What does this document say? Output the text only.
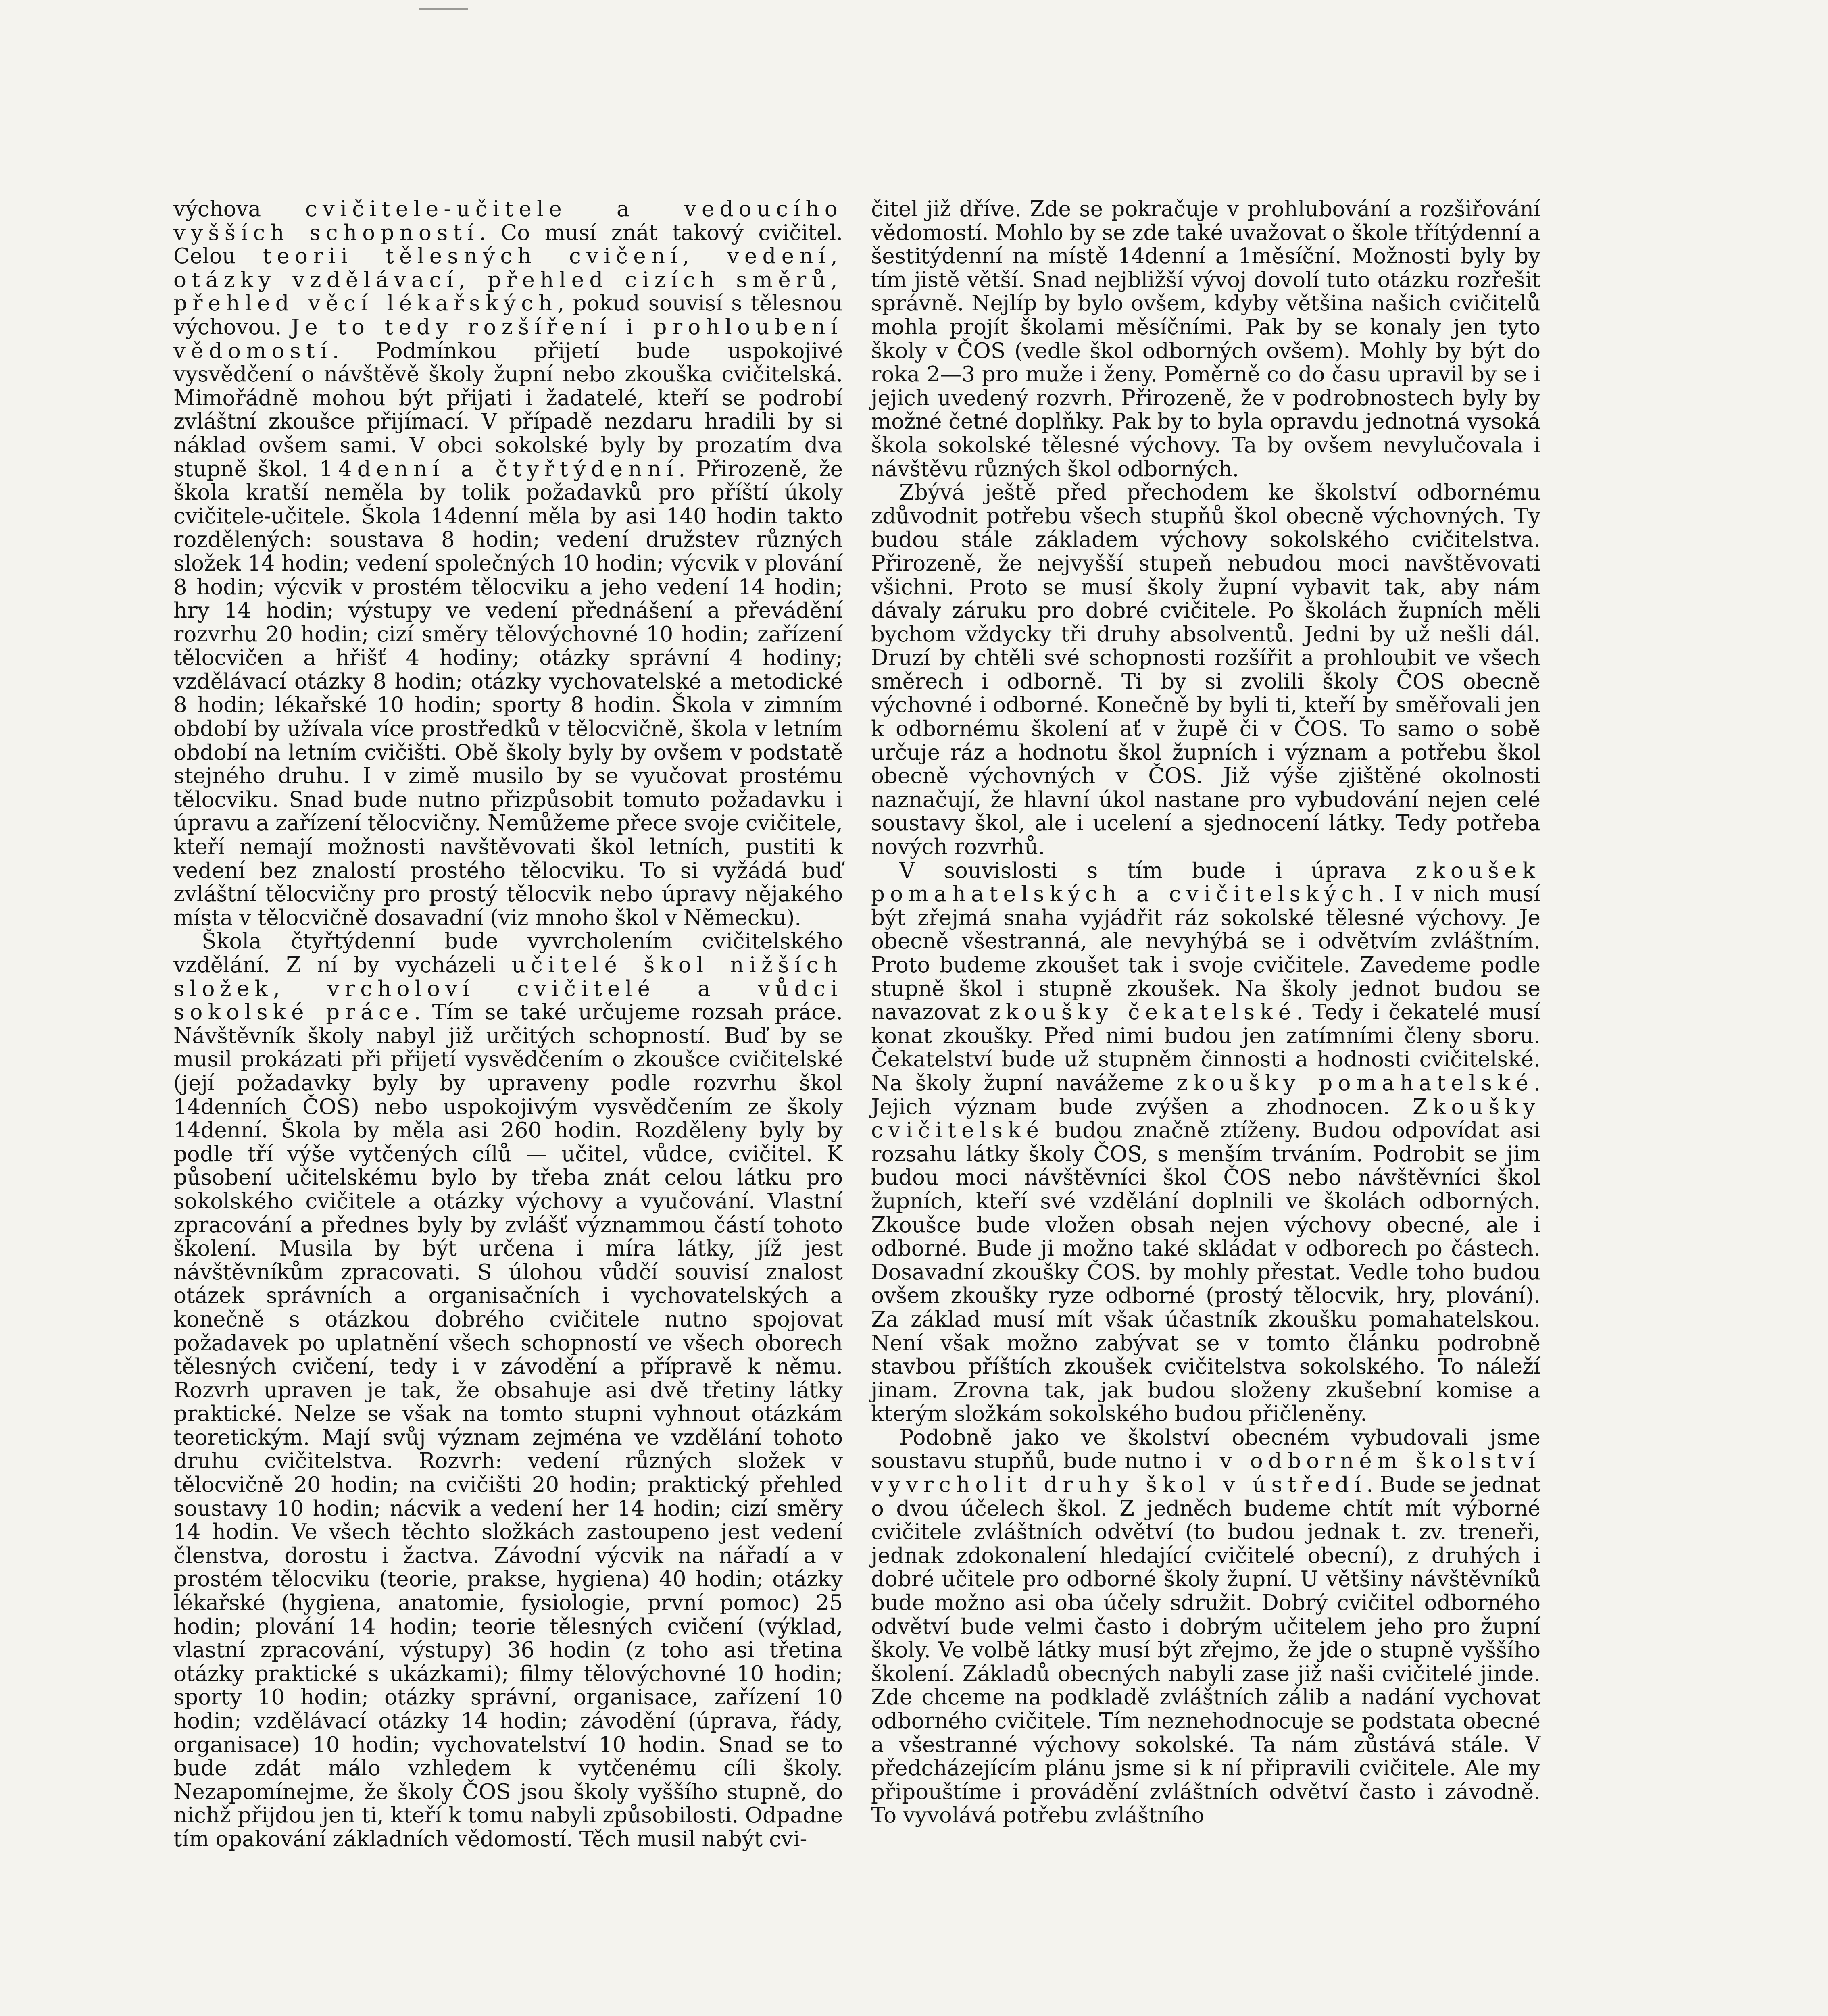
výchova cvičitele-učitele a vedoucího vyšších schopností. Co musí znát takový cvičitel. Celou teorii tělesných cvičení, vedení, otázky vzdělávací, přehled cizích směrů, přehled věcí lékařských, pokud souvisí s tělesnou výchovou. Je to tedy rozšíření i prohloubení vědomostí. Podmínkou přijetí bude uspokojivé vysvědčení o návštěvě školy župní nebo zkouška cvičitelská. Mimořádně mohou být přijati i žadatelé, kteří se podrobí zvláštní zkoušce přijímací. V případě nezdaru hradili by si náklad ovšem sami. V obci sokolské byly by prozatím dva stupně škol. 14denní a čtyřtýdenní. Přirozeně, že škola kratší neměla by tolik požadavků pro příští úkoly cvičitele-učitele. Škola 14denní měla by asi 140 hodin takto rozdělených: soustava 8 hodin; vedení družstev různých složek 14 hodin; vedení společných 10 hodin; výcvik v plování 8 hodin; výcvik v prostém tělocviku a jeho vedení 14 hodin; hry 14 hodin; výstupy ve vedení přednášení a převádění rozvrhu 20 hodin; cizí směry tělovýchovné 10 hodin; zařízení tělocvičen a hřišť 4 hodiny; otázky správní 4 hodiny; vzdělávací otázky 8 hodin; otázky vychovatelské a metodické 8 hodin; lékařské 10 hodin; sporty 8 hodin. Škola v zimním období by užívala více prostředků v tělocvičně, škola v letním období na letním cvičišti. Obě školy byly by ovšem v podstatě stejného druhu. I v zimě musilo by se vyučovat prostému tělocviku. Snad bude nutno přizpůsobit tomuto požadavku i úpravu a zařízení tělocvičny. Nemůžeme přece svoje cvičitele, kteří nemají možnosti navštěvovati škol letních, pustiti k vedení bez znalostí prostého tělocviku. To si vyžádá buď zvláštní tělocvičny pro prostý tělocvik nebo úpravy nějakého místa v tělocvičně dosavadní (viz mnoho škol v Německu).

Škola čtyřtýdenní bude vyvrcholením cvičitelského vzdělání. Z ní by vycházeli učitelé škol nižších složek, vrcholoví cvičitelé a vůdci sokolské práce. Tím se také určujeme rozsah práce. Návštěvník školy nabyl již určitých schopností. Buď by se musil prokázati při přijetí vysvědčením o zkoušce cvičitelské (její požadavky byly by upraveny podle rozvrhu škol 14denních ČOS) nebo uspokojivým vysvědčením ze školy 14denní. Škola by měla asi 260 hodin. Rozděleny byly by podle tří výše vytčených cílů — učitel, vůdce, cvičitel. K působení učitelskému bylo by třeba znát celou látku pro sokolského cvičitele a otázky výchovy a vyučování. Vlastní zpracování a přednes byly by zvlášť význammou částí tohoto školení. Musila by být určena i míra látky, jíž jest návštěvníkům zpracovati. S úlohou vůdčí souvisí znalost otázek správních a organisačních i vychovatelských a konečně s otázkou dobrého cvičitele nutno spojovat požadavek po uplatnění všech schopností ve všech oborech tělesných cvičení, tedy i v závodění a přípravě k němu. Rozvrh upraven je tak, že obsahuje asi dvě třetiny látky praktické. Nelze se však na tomto stupni vyhnout otázkám teoretickým. Mají svůj význam zejména ve vzdělání tohoto druhu cvičitelstva. Rozvrh: vedení různých složek v tělocvičně 20 hodin; na cvičišti 20 hodin; praktický přehled soustavy 10 hodin; nácvik a vedení her 14 hodin; cizí směry 14 hodin. Ve všech těchto složkách zastoupeno jest vedení členstva, dorostu i žactva. Závodní výcvik na nářadí a v prostém tělocviku (teorie, prakse, hygiena) 40 hodin; otázky lékařské (hygiena, anatomie, fysiologie, první pomoc) 25 hodin; plování 14 hodin; teorie tělesných cvičení (výklad, vlastní zpracování, výstupy) 36 hodin (z toho asi třetina otázky praktické s ukázkami); filmy tělovýchovné 10 hodin; sporty 10 hodin; otázky správní, organisace, zařízení 10 hodin; vzdělávací otázky 14 hodin; závodění (úprava, řády, organisace) 10 hodin; vychovatelství 10 hodin. Snad se to bude zdát málo vzhledem k vytčenému cíli školy. Nezapomínejme, že školy ČOS jsou školy vyššího stupně, do nichž přijdou jen ti, kteří k tomu nabyli způsobilosti. Odpadne tím opakování základních vědomostí. Těch musil nabýt cvi-

čitel již dříve. Zde se pokračuje v prohlubování a rozšiřování vědomostí. Mohlo by se zde také uvažovat o škole třítýdenní a šestitýdenní na místě 14denní a 1měsíční. Možnosti byly by tím jistě větší. Snad nejbližší vývoj dovolí tuto otázku rozřešit správně. Nejlíp by bylo ovšem, kdyby většina našich cvičitelů mohla projít školami měsíčními. Pak by se konaly jen tyto školy v ČOS (vedle škol odborných ovšem). Mohly by být do roka 2—3 pro muže i ženy. Poměrně co do času upravil by se i jejich uvedený rozvrh. Přirozeně, že v podrobnostech byly by možné četné doplňky. Pak by to byla opravdu jednotná vysoká škola sokolské tělesné výchovy. Ta by ovšem nevylučovala i návštěvu různých škol odborných.

Zbývá ještě před přechodem ke školství odbornému zdůvodnit potřebu všech stupňů škol obecně výchovných. Ty budou stále základem výchovy sokolského cvičitelstva. Přirozeně, že nejvyšší stupeň nebudou moci navštěvovati všichni. Proto se musí školy župní vybavit tak, aby nám dávaly záruku pro dobré cvičitele. Po školách župních měli bychom vždycky tři druhy absolventů. Jedni by už nešli dál. Druzí by chtěli své schopnosti rozšířit a prohloubit ve všech směrech i odborně. Ti by si zvolili školy ČOS obecně výchovné i odborné. Konečně by byli ti, kteří by směřovali jen k odbornému školení ať v župě či v ČOS. To samo o sobě určuje ráz a hodnotu škol župních i význam a potřebu škol obecně výchovných v ČOS. Již výše zjištěné okolnosti naznačují, že hlavní úkol nastane pro vybudování nejen celé soustavy škol, ale i ucelení a sjednocení látky. Tedy potřeba nových rozvrhů.

V souvislosti s tím bude i úprava zkoušek pomahatelských a cvičitelských. I v nich musí být zřejmá snaha vyjádřit ráz sokolské tělesné výchovy. Je obecně všestranná, ale nevyhýbá se i odvětvím zvláštním. Proto budeme zkoušet tak i svoje cvičitele. Zavedeme podle stupně škol i stupně zkoušek. Na školy jednot budou se navazovat zkoušky čekatelské. Tedy i čekatelé musí konat zkoušky. Před nimi budou jen zatímními členy sboru. Čekatelství bude už stupněm činnosti a hodnosti cvičitelské. Na školy župní navážeme zkoušky pomahatelské. Jejich význam bude zvýšen a zhodnocen. Zkoušky cvičitelské budou značně ztíženy. Budou odpovídat asi rozsahu látky školy ČOS, s menším trváním. Podrobit se jim budou moci návštěvníci škol ČOS nebo návštěvníci škol župních, kteří své vzdělání doplnili ve školách odborných. Zkoušce bude vložen obsah nejen výchovy obecné, ale i odborné. Bude ji možno také skládat v odborech po částech. Dosavadní zkoušky ČOS. by mohly přestat. Vedle toho budou ovšem zkoušky ryze odborné (prostý tělocvik, hry, plování). Za základ musí mít však účastník zkoušku pomahatelskou. Není však možno zabývat se v tomto článku podrobně stavbou příštích zkoušek cvičitelstva sokolského. To náleží jinam. Zrovna tak, jak budou složeny zkušební komise a kterým složkám sokolského budou přičleněny.

Podobně jako ve školství obecném vybudovali jsme soustavu stupňů, bude nutno i v odborném školství vyvrcholit druhy škol v ústředí. Bude se jednat o dvou účelech škol. Z jedněch budeme chtít mít výborné cvičitele zvláštních odvětví (to budou jednak t. zv. treneři, jednak zdokonalení hledající cvičitelé obecní), z druhých i dobré učitele pro odborné školy župní. U většiny návštěvníků bude možno asi oba účely sdružit. Dobrý cvičitel odborného odvětví bude velmi často i dobrým učitelem jeho pro župní školy. Ve volbě látky musí být zřejmo, že jde o stupně vyššího školení. Základů obecných nabyli zase již naši cvičitelé jinde. Zde chceme na podkladě zvláštních zálib a nadání vychovat odborného cvičitele. Tím neznehodnocuje se podstata obecné a všestranné výchovy sokolské. Ta nám zůstává stále. V předcházejícím plánu jsme si k ní připravili cvičitele. Ale my připouštíme i provádění zvláštních odvětví často i závodně. To vyvolává potřebu zvláštního
